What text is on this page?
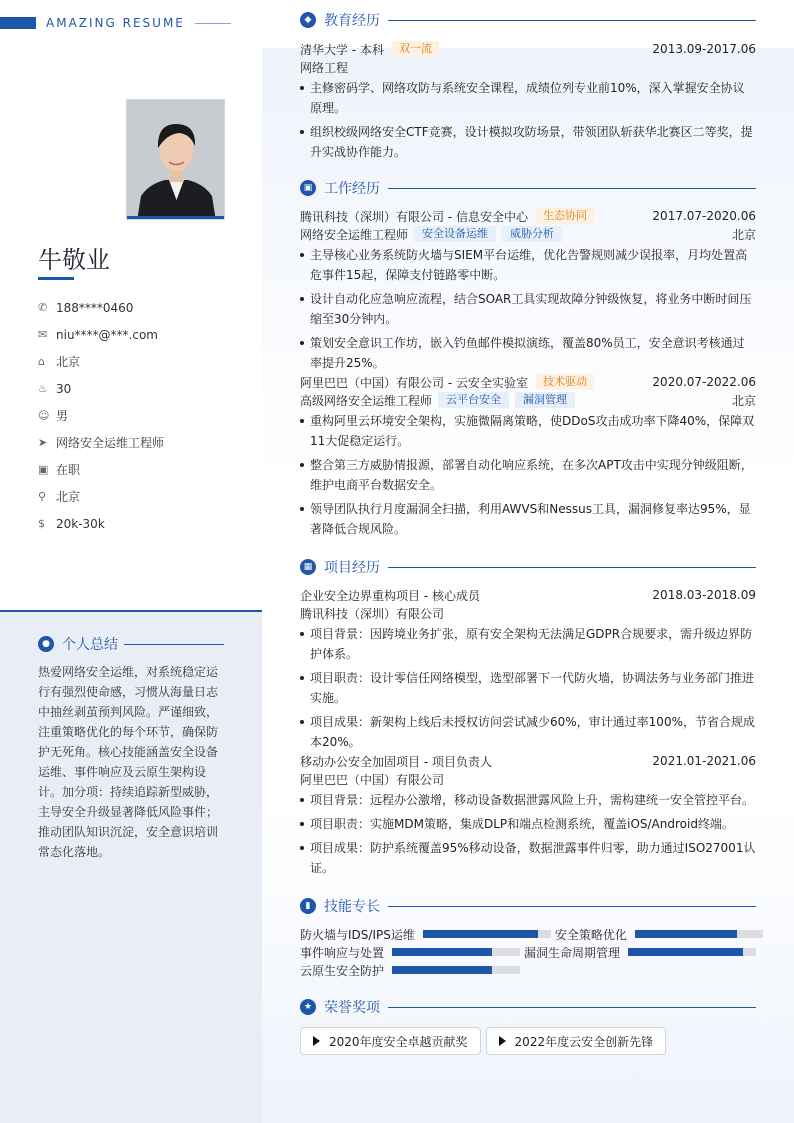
AMAZING RESUME
牛敬业
✆ 188****0460
✉ niu****@***.com
⌂ 北京
♨ 30
☺ 男
➤ 网络安全运维工程师
▣ 在职
⚲ 北京
$ 20k-30k
● 个人总结
热爱网络安全运维，对系统稳定运行有强烈使命感，习惯从海量日志中抽丝剥茧预判风险。严谨细致，注重策略优化的每个环节，确保防护无死角。核心技能涵盖安全设备运维、事件响应及云原生架构设计。加分项：持续追踪新型威胁，主导安全升级显著降低风险事件；推动团队知识沉淀，安全意识培训常态化落地。
◆ 教育经历
清华大学 - 本科	双一流	2013.09-2017.06
网络工程
主修密码学、网络攻防与系统安全课程，成绩位列专业前10%，深入掌握安全协议原理。
组织校级网络安全CTF竞赛，设计模拟攻防场景，带领团队斩获华北赛区二等奖，提升实战协作能力。
▣ 工作经历
腾讯科技（深圳）有限公司 - 信息安全中心	生态协同	2017.07-2020.06
网络安全运维工程师	安全设备运维	威胁分析	北京
主导核心业务系统防火墙与SIEM平台运维，优化告警规则减少误报率，月均处置高危事件15起，保障支付链路零中断。
设计自动化应急响应流程，结合SOAR工具实现故障分钟级恢复，将业务中断时间压缩至30分钟内。
策划安全意识工作坊，嵌入钓鱼邮件模拟演练，覆盖80%员工，安全意识考核通过率提升25%。
阿里巴巴（中国）有限公司 - 云安全实验室	技术驱动	2020.07-2022.06
高级网络安全运维工程师	云平台安全	漏洞管理	北京
重构阿里云环境安全架构，实施微隔离策略，使DDoS攻击成功率下降40%，保障双11大促稳定运行。
整合第三方威胁情报源，部署自动化响应系统，在多次APT攻击中实现分钟级阻断，维护电商平台数据安全。
领导团队执行月度漏洞全扫描，利用AWVS和Nessus工具，漏洞修复率达95%，显著降低合规风险。
▦ 项目经历
企业安全边界重构项目 - 核心成员	2018.03-2018.09
腾讯科技（深圳）有限公司
项目背景：因跨境业务扩张，原有安全架构无法满足GDPR合规要求，需升级边界防护体系。
项目职责：设计零信任网络模型，选型部署下一代防火墙，协调法务与业务部门推进实施。
项目成果：新架构上线后未授权访问尝试减少60%，审计通过率100%，节省合规成本20%。
移动办公安全加固项目 - 项目负责人	2021.01-2021.06
阿里巴巴（中国）有限公司
项目背景：远程办公激增，移动设备数据泄露风险上升，需构建统一安全管控平台。
项目职责：实施MDM策略，集成DLP和端点检测系统，覆盖iOS/Android终端。
项目成果：防护系统覆盖95%移动设备，数据泄露事件归零，助力通过ISO27001认证。
▮ 技能专长
防火墙与IDS/IPS运维	安全策略优化
事件响应与处置	漏洞生命周期管理
云原生安全防护
★ 荣誉奖项
2020年度安全卓越贡献奖	2022年度云安全创新先锋
